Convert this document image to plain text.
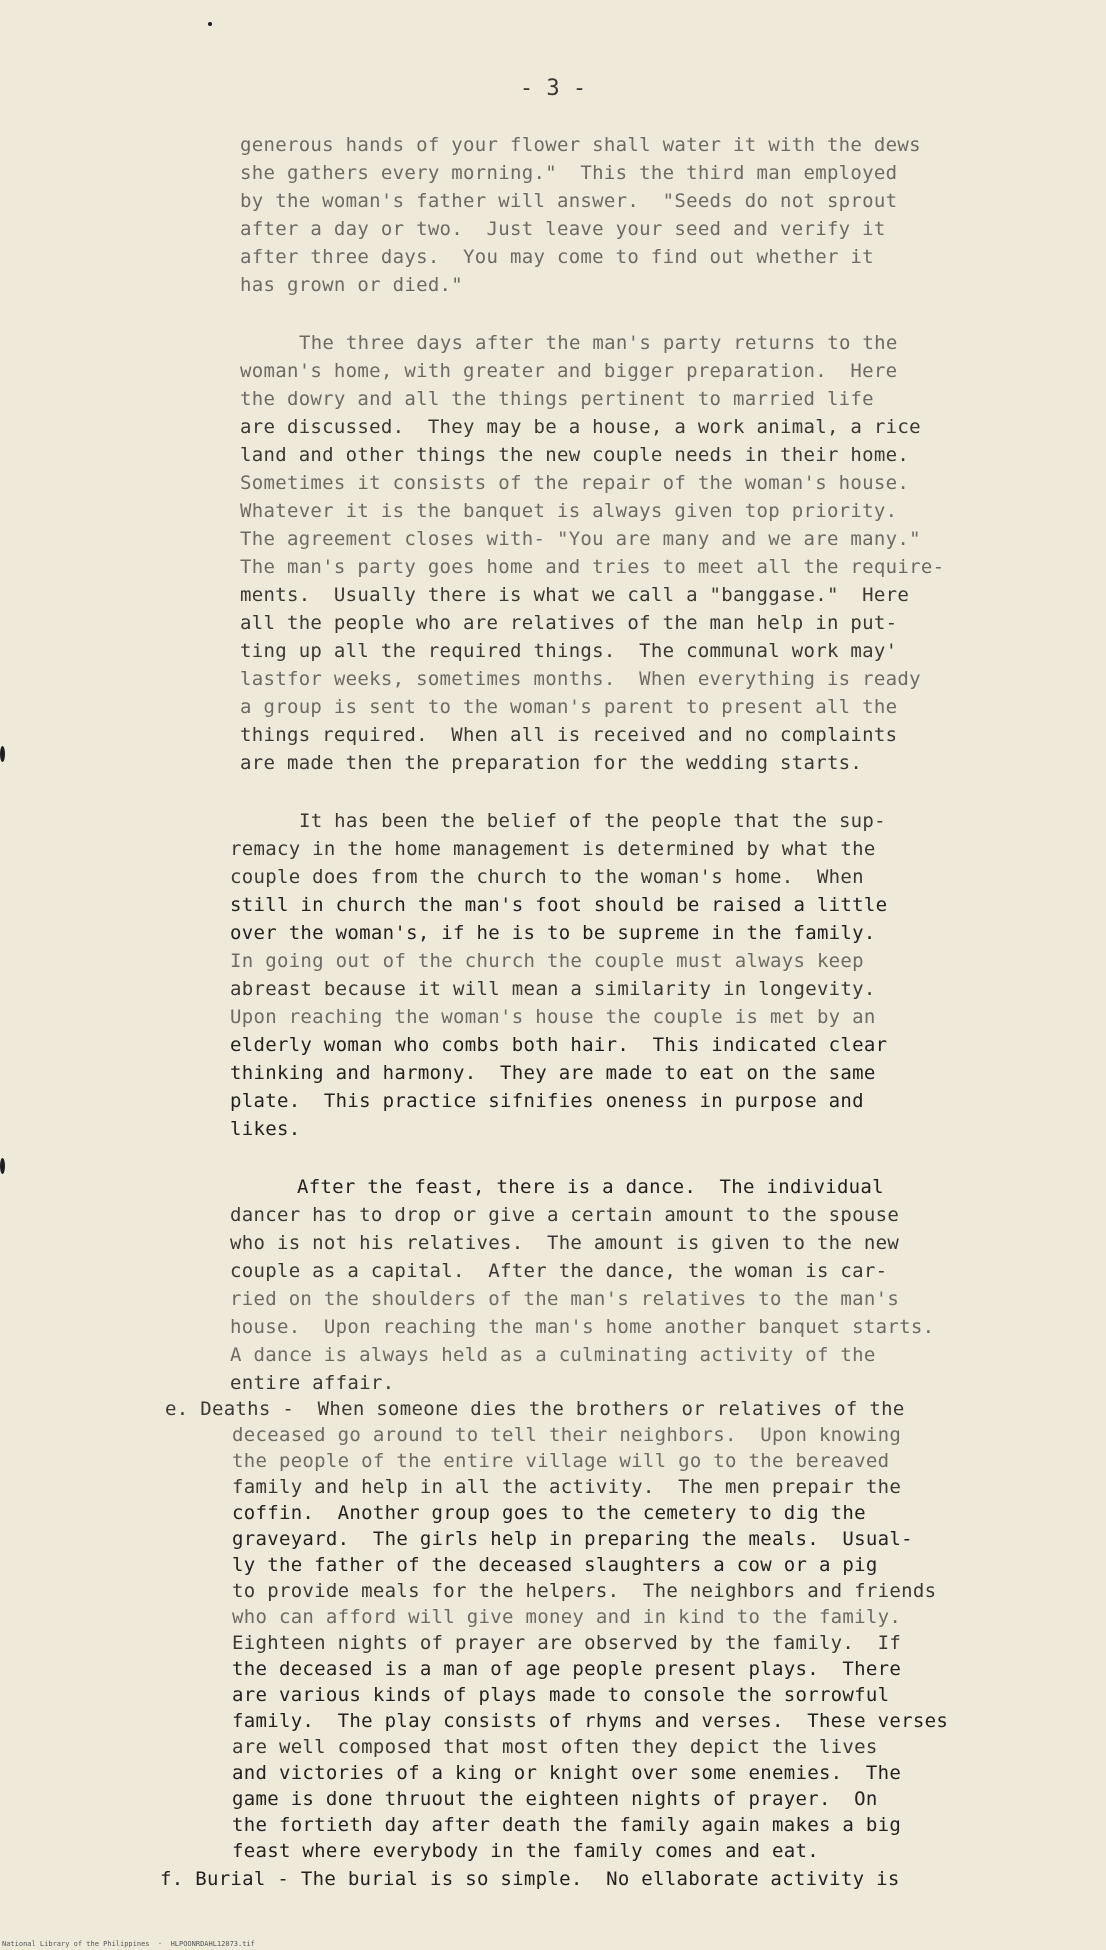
- 3 -
generous hands of your flower shall water it with the dews
she gathers every morning."  This the third man employed
by the woman's father will answer.  "Seeds do not sprout
after a day or two.  Just leave your seed and verify it
after three days.  You may come to find out whether it
has grown or died."
The three days after the man's party returns to the
woman's home, with greater and bigger preparation.  Here
the dowry and all the things pertinent to married life
are discussed.  They may be a house, a work animal, a rice
land and other things the new couple needs in their home.
Sometimes it consists of the repair of the woman's house.
Whatever it is the banquet is always given top priority.
The agreement closes with- "You are many and we are many."
The man's party goes home and tries to meet all the require-
ments.  Usually there is what we call a "banggase."  Here
all the people who are relatives of the man help in put-
ting up all the required things.  The communal work may'
lastfor weeks, sometimes months.  When everything is ready
a group is sent to the woman's parent to present all the
things required.  When all is received and no complaints
are made then the preparation for the wedding starts.
It has been the belief of the people that the sup-
remacy in the home management is determined by what the
couple does from the church to the woman's home.  When
still in church the man's foot should be raised a little
over the woman's, if he is to be supreme in the family.
In going out of the church the couple must always keep
abreast because it will mean a similarity in longevity.
Upon reaching the woman's house the couple is met by an
elderly woman who combs both hair.  This indicated clear
thinking and harmony.  They are made to eat on the same
plate.  This practice sifnifies oneness in purpose and
likes.
After the feast, there is a dance.  The individual
dancer has to drop or give a certain amount to the spouse
who is not his relatives.  The amount is given to the new
couple as a capital.  After the dance, the woman is car-
ried on the shoulders of the man's relatives to the man's
house.  Upon reaching the man's home another banquet starts.
A dance is always held as a culminating activity of the
entire affair.
e. Deaths -  When someone dies the brothers or relatives of the
deceased go around to tell their neighbors.  Upon knowing
the people of the entire village will go to the bereaved
family and help in all the activity.  The men prepair the
coffin.  Another group goes to the cemetery to dig the
graveyard.  The girls help in preparing the meals.  Usual-
ly the father of the deceased slaughters a cow or a pig
to provide meals for the helpers.  The neighbors and friends
who can afford will give money and in kind to the family.
Eighteen nights of prayer are observed by the family.  If
the deceased is a man of age people present plays.  There
are various kinds of plays made to console the sorrowful
family.  The play consists of rhyms and verses.  These verses
are well composed that most often they depict the lives
and victories of a king or knight over some enemies.  The
game is done thruout the eighteen nights of prayer.  On
the fortieth day after death the family again makes a big
feast where everybody in the family comes and eat.
f. Burial - The burial is so simple.  No ellaborate activity is
National Library of the Philippines  ·  HLPOONRDAHL12073.tif
